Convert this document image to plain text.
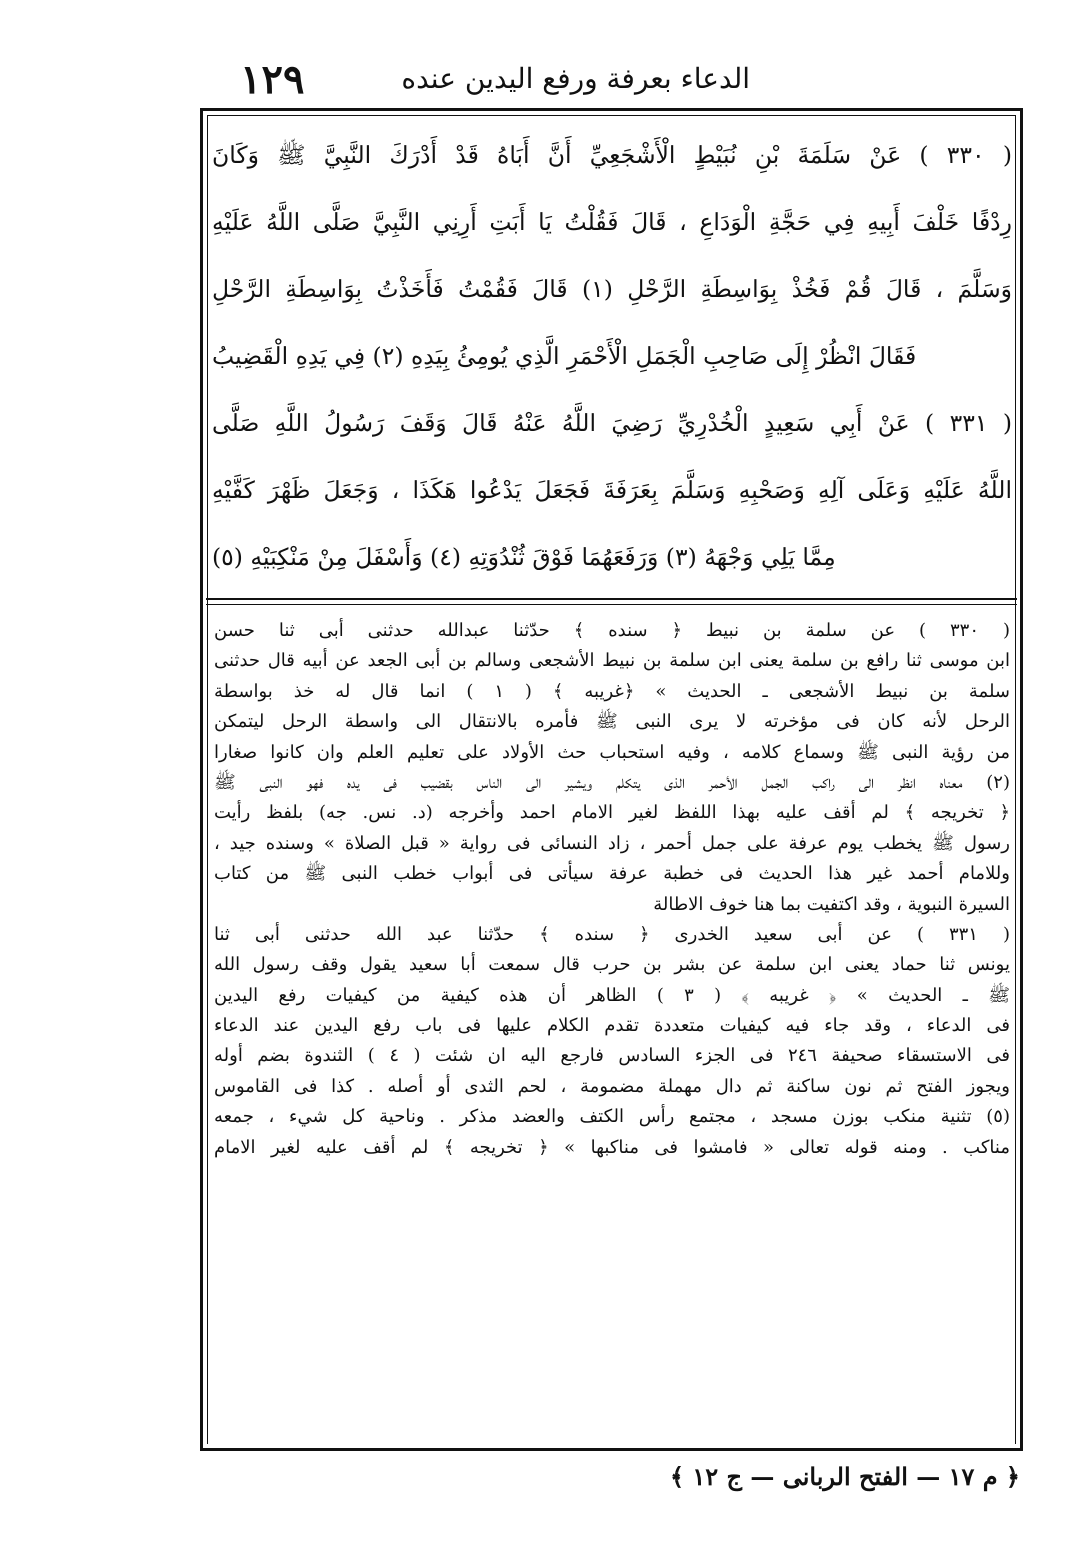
الدعاء بعرفة ورفع اليدين عنده
١٢٩
( ٣٣٠ ) عَنْ سَلَمَةَ بْنِ نُبَيْطٍ الْأَشْجَعِيِّ أَنَّ أَبَاهُ قَدْ أَدْرَكَ النَّبِيَّ ﷺ وَكَانَ
رِدْفًا خَلْفَ أَبِيهِ فِي حَجَّةِ الْوَدَاعِ ، قَالَ فَقُلْتُ يَا أَبَتِ أَرِنِي النَّبِيَّ صَلَّى اللَّهُ عَلَيْهِ
وَسَلَّمَ ، قَالَ قُمْ فَخُذْ بِوَاسِطَةِ الرَّحْلِ (١) قَالَ فَقُمْتُ فَأَخَذْتُ بِوَاسِطَةِ الرَّحْلِ
فَقَالَ انْظُرْ إِلَى صَاحِبِ الْجَمَلِ الْأَحْمَرِ الَّذِي يُومِئُ بِيَدِهِ (٢) فِي يَدِهِ الْقَضِيبُ
( ٣٣١ ) عَنْ أَبِي سَعِيدٍ الْخُدْرِيِّ رَضِيَ اللَّهُ عَنْهُ قَالَ وَقَفَ رَسُولُ اللَّهِ صَلَّى
اللَّهُ عَلَيْهِ وَعَلَى آلِهِ وَصَحْبِهِ وَسَلَّمَ بِعَرَفَةَ فَجَعَلَ يَدْعُوا هَكَذَا ، وَجَعَلَ ظَهْرَ كَفَّيْهِ
مِمَّا يَلِي وَجْهَهُ (٣) وَرَفَعَهُمَا فَوْقَ ثُنْدُوَتِهِ (٤) وَأَسْفَلَ مِنْ مَنْكِبَيْهِ (٥)
( ٣٣٠ ) عن سلمة بن نبيط ﴿ سنده ﴾ حدّثنا عبدالله حدثنى أبى ثنا حسن
ابن موسى ثنا رافع بن سلمة يعنى ابن سلمة بن نبيط الأشجعى وسالم بن أبى الجعد عن أبيه قال حدثنى
سلمة بن نبيط الأشجعى ـ الحديث » ﴿غريبه ﴾ ( ١ ) انما قال له خذ بواسطة
الرحل لأنه كان فى مؤخرته لا يرى النبى ﷺ فأمره بالانتقال الى واسطة الرحل ليتمكن
من رؤية النبى ﷺ وسماع كلامه ، وفيه استحباب حث الأولاد على تعليم العلم وان كانوا صغارا
(٢) معناه انظر الى راكب الجمل الأحمر الذى يتكلم ويشير الى الناس بقضيب فى يده فهو النبى ﷺ
﴿ تخريجه ﴾ لم أقف عليه بهذا اللفظ لغير الامام احمد وأخرجه (د. نس. جه) بلفظ رأيت
رسول ﷺ يخطب يوم عرفة على جمل أحمر ، زاد النسائى فى رواية « قبل الصلاة » وسنده جيد ،
وللامام أحمد غير هذا الحديث فى خطبة عرفة سيأتى فى أبواب خطب النبى ﷺ من كتاب
السيرة النبوية ، وقد اكتفيت بما هنا خوف الاطالة
( ٣٣١ ) عن أبى سعيد الخدرى ﴿ سنده ﴾ حدّثنا عبد الله حدثنى أبى ثنا
يونس ثنا حماد يعنى ابن سلمة عن بشر بن حرب قال سمعت أبا سعيد يقول وقف رسول الله
ﷺ ـ الحديث » ﴿ غريبه ﴾ ( ٣ ) الظاهر أن هذه كيفية من كيفيات رفع اليدين
فى الدعاء ، وقد جاء فيه كيفيات متعددة تقدم الكلام عليها فى باب رفع اليدين عند الدعاء
فى الاستسقاء صحيفة ٢٤٦ فى الجزء السادس فارجع اليه ان شئت ( ٤ ) الثندوة بضم أوله
ويجوز الفتح ثم نون ساكنة ثم دال مهملة مضمومة ، لحم الثدى أو أصله . كذا فى القاموس
(٥) تثنية منكب بوزن مسجد ، مجتمع رأس الكتف والعضد مذكر . وناحية كل شيء ، جمعه
مناكب . ومنه قوله تعالى « فامشوا فى مناكبها » ﴿ تخريجه ﴾ لم أقف عليه لغير الامام
﴿ م ١٧ — الفتح الربانى — ج ١٢ ﴾
